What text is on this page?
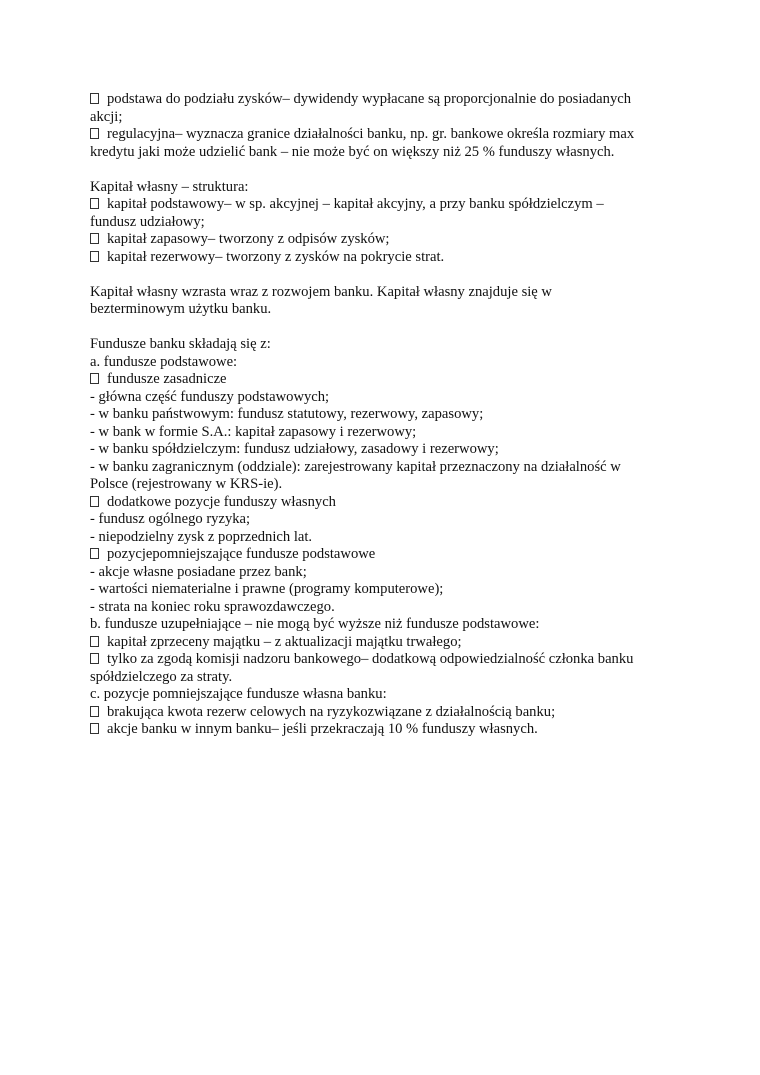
podstawa do podziału zysków– dywidendy wypłacane są proporcjonalnie do posiadanych
akcji;
regulacyjna– wyznacza granice działalności banku, np. gr. bankowe określa rozmiary max
kredytu jaki może udzielić bank – nie może być on większy niż 25 % funduszy własnych.
Kapitał własny – struktura:
kapitał podstawowy– w sp. akcyjnej – kapitał akcyjny, a przy banku spółdzielczym –
fundusz udziałowy;
kapitał zapasowy– tworzony z odpisów zysków;
kapitał rezerwowy– tworzony z zysków na pokrycie strat.
Kapitał własny wzrasta wraz z rozwojem banku. Kapitał własny znajduje się w
bezterminowym użytku banku.
Fundusze banku składają się z:
a. fundusze podstawowe:
fundusze zasadnicze
- główna część funduszy podstawowych;
- w banku państwowym: fundusz statutowy, rezerwowy, zapasowy;
- w bank w formie S.A.: kapitał zapasowy i rezerwowy;
- w banku spółdzielczym: fundusz udziałowy, zasadowy i rezerwowy;
- w banku zagranicznym (oddziale): zarejestrowany kapitał przeznaczony na działalność w
Polsce (rejestrowany w KRS-ie).
dodatkowe pozycje funduszy własnych
- fundusz ogólnego ryzyka;
- niepodzielny zysk z poprzednich lat.
pozycjepomniejszające fundusze podstawowe
- akcje własne posiadane przez bank;
- wartości niematerialne i prawne (programy komputerowe);
- strata na koniec roku sprawozdawczego.
b. fundusze uzupełniające – nie mogą być wyższe niż fundusze podstawowe:
kapitał zprzeceny majątku – z aktualizacji majątku trwałego;
tylko za zgodą komisji nadzoru bankowego– dodatkową odpowiedzialność członka banku
spółdzielczego za straty.
c. pozycje pomniejszające fundusze własna banku:
brakująca kwota rezerw celowych na ryzykozwiązane z działalnością banku;
akcje banku w innym banku– jeśli przekraczają 10 % funduszy własnych.
